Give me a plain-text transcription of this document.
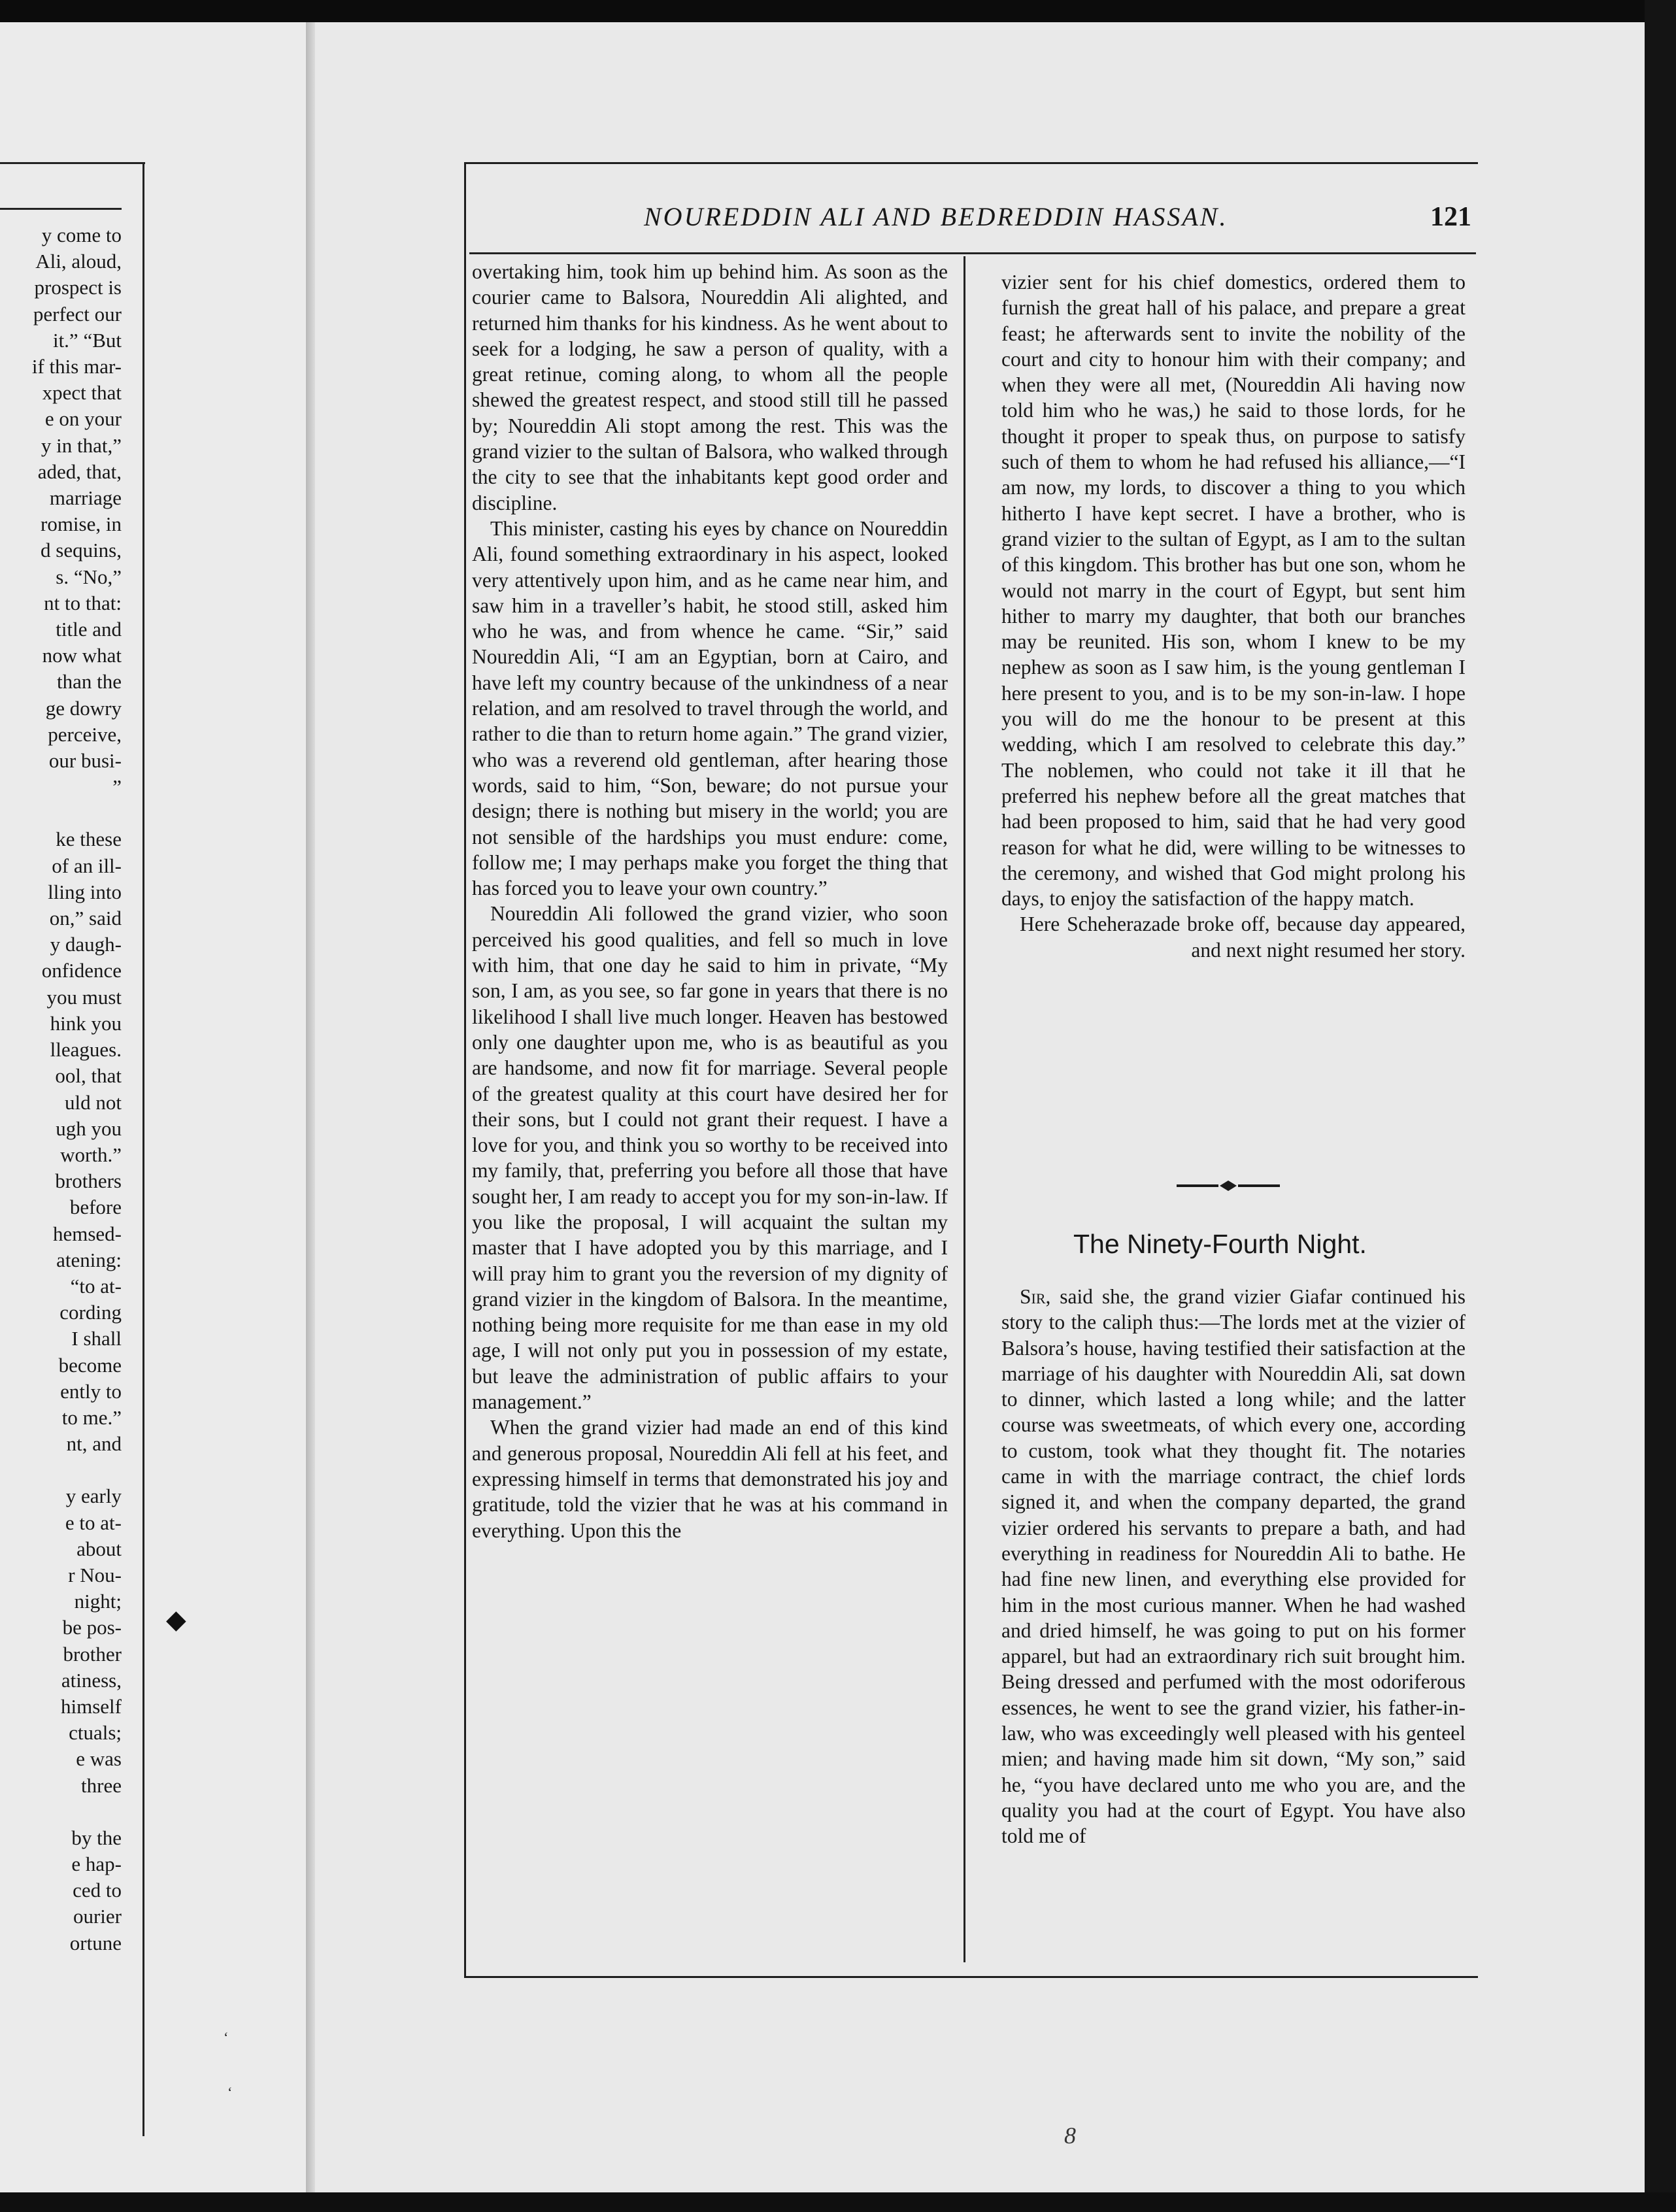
y come to
Ali, aloud,
prospect is
perfect our
it.” “But
if this mar-
xpect that
e on your
y in that,”
aded, that,
marriage
romise, in
d sequins,
s. “No,”
nt to that:
title and
now what
than the
ge dowry
perceive,
our busi-
”
ke these
of an ill-
lling into
on,” said
y daugh-
onfidence
you must
hink you
lleagues.
ool, that
uld not
ugh you
worth.”
brothers
before
hemsed-
atening:
“to at-
cording
I shall
become
ently to
to me.”
nt, and
y early
e to at-
about
r Nou-
night;
be pos-
brother
atiness,
himself
ctuals;
e was
three
by the
e hap-
ced to
ourier
ortune
◆
‘
‘
NOUREDDIN ALI AND BEDREDDIN HASSAN.	121

overtaking him, took him up behind him. As soon as the courier came to Balsora, Noureddin Ali alighted, and returned him thanks for his kindness. As he went about to seek for a lodging, he saw a person of quality, with a great retinue, coming along, to whom all the people shewed the greatest respect, and stood still till he passed by; Noureddin Ali stopt among the rest. This was the grand vizier to the sultan of Balsora, who walked through the city to see that the inhabitants kept good order and discipline.

This minister, casting his eyes by chance on Noureddin Ali, found something extraordinary in his aspect, looked very attentively upon him, and as he came near him, and saw him in a traveller’s habit, he stood still, asked him who he was, and from whence he came. “Sir,” said Noureddin Ali, “I am an Egyptian, born at Cairo, and have left my country because of the unkindness of a near relation, and am resolved to travel through the world, and rather to die than to return home again.” The grand vizier, who was a reverend old gentleman, after hearing those words, said to him, “Son, beware; do not pursue your design; there is nothing but misery in the world; you are not sensible of the hardships you must endure: come, follow me; I may perhaps make you forget the thing that has forced you to leave your own country.”

Noureddin Ali followed the grand vizier, who soon perceived his good qualities, and fell so much in love with him, that one day he said to him in private, “My son, I am, as you see, so far gone in years that there is no likelihood I shall live much longer. Heaven has bestowed only one daughter upon me, who is as beautiful as you are handsome, and now fit for marriage. Several people of the greatest quality at this court have desired her for their sons, but I could not grant their request. I have a love for you, and think you so worthy to be received into my family, that, preferring you before all those that have sought her, I am ready to accept you for my son-in-law. If you like the proposal, I will acquaint the sultan my master that I have adopted you by this marriage, and I will pray him to grant you the reversion of my dignity of grand vizier in the kingdom of Balsora. In the meantime, nothing being more requisite for me than ease in my old age, I will not only put you in possession of my estate, but leave the administration of public affairs to your management.”

When the grand vizier had made an end of this kind and generous proposal, Noureddin Ali fell at his feet, and expressing himself in terms that demonstrated his joy and gratitude, told the vizier that he was at his command in everything. Upon this the

vizier sent for his chief domestics, ordered them to furnish the great hall of his palace, and prepare a great feast; he afterwards sent to invite the nobility of the court and city to honour him with their company; and when they were all met, (Noureddin Ali having now told him who he was,) he said to those lords, for he thought it proper to speak thus, on purpose to satisfy such of them to whom he had refused his alliance,—“I am now, my lords, to discover a thing to you which hitherto I have kept secret. I have a brother, who is grand vizier to the sultan of Egypt, as I am to the sultan of this kingdom. This brother has but one son, whom he would not marry in the court of Egypt, but sent him hither to marry my daughter, that both our branches may be reunited. His son, whom I knew to be my nephew as soon as I saw him, is the young gentleman I here present to you, and is to be my son-in-law. I hope you will do me the honour to be present at this wedding, which I am resolved to celebrate this day.” The noblemen, who could not take it ill that he preferred his nephew before all the great matches that had been proposed to him, said that he had very good reason for what he did, were willing to be witnesses to the ceremony, and wished that God might prolong his days, to enjoy the satisfaction of the happy match.

Here Scheherazade broke off, because day appeared, and next night resumed her story.

The Ninety-Fourth Night.

Sir, said she, the grand vizier Giafar continued his story to the caliph thus:—The lords met at the vizier of Balsora’s house, having testified their satisfaction at the marriage of his daughter with Noureddin Ali, sat down to dinner, which lasted a long while; and the latter course was sweetmeats, of which every one, according to custom, took what they thought fit. The notaries came in with the marriage contract, the chief lords signed it, and when the company departed, the grand vizier ordered his servants to prepare a bath, and had everything in readiness for Noureddin Ali to bathe. He had fine new linen, and everything else provided for him in the most curious manner. When he had washed and dried himself, he was going to put on his former apparel, but had an extraordinary rich suit brought him. Being dressed and perfumed with the most odoriferous essences, he went to see the grand vizier, his father-in-law, who was exceedingly well pleased with his genteel mien; and having made him sit down, “My son,” said he, “you have declared unto me who you are, and the quality you had at the court of Egypt. You have also told me of

8
